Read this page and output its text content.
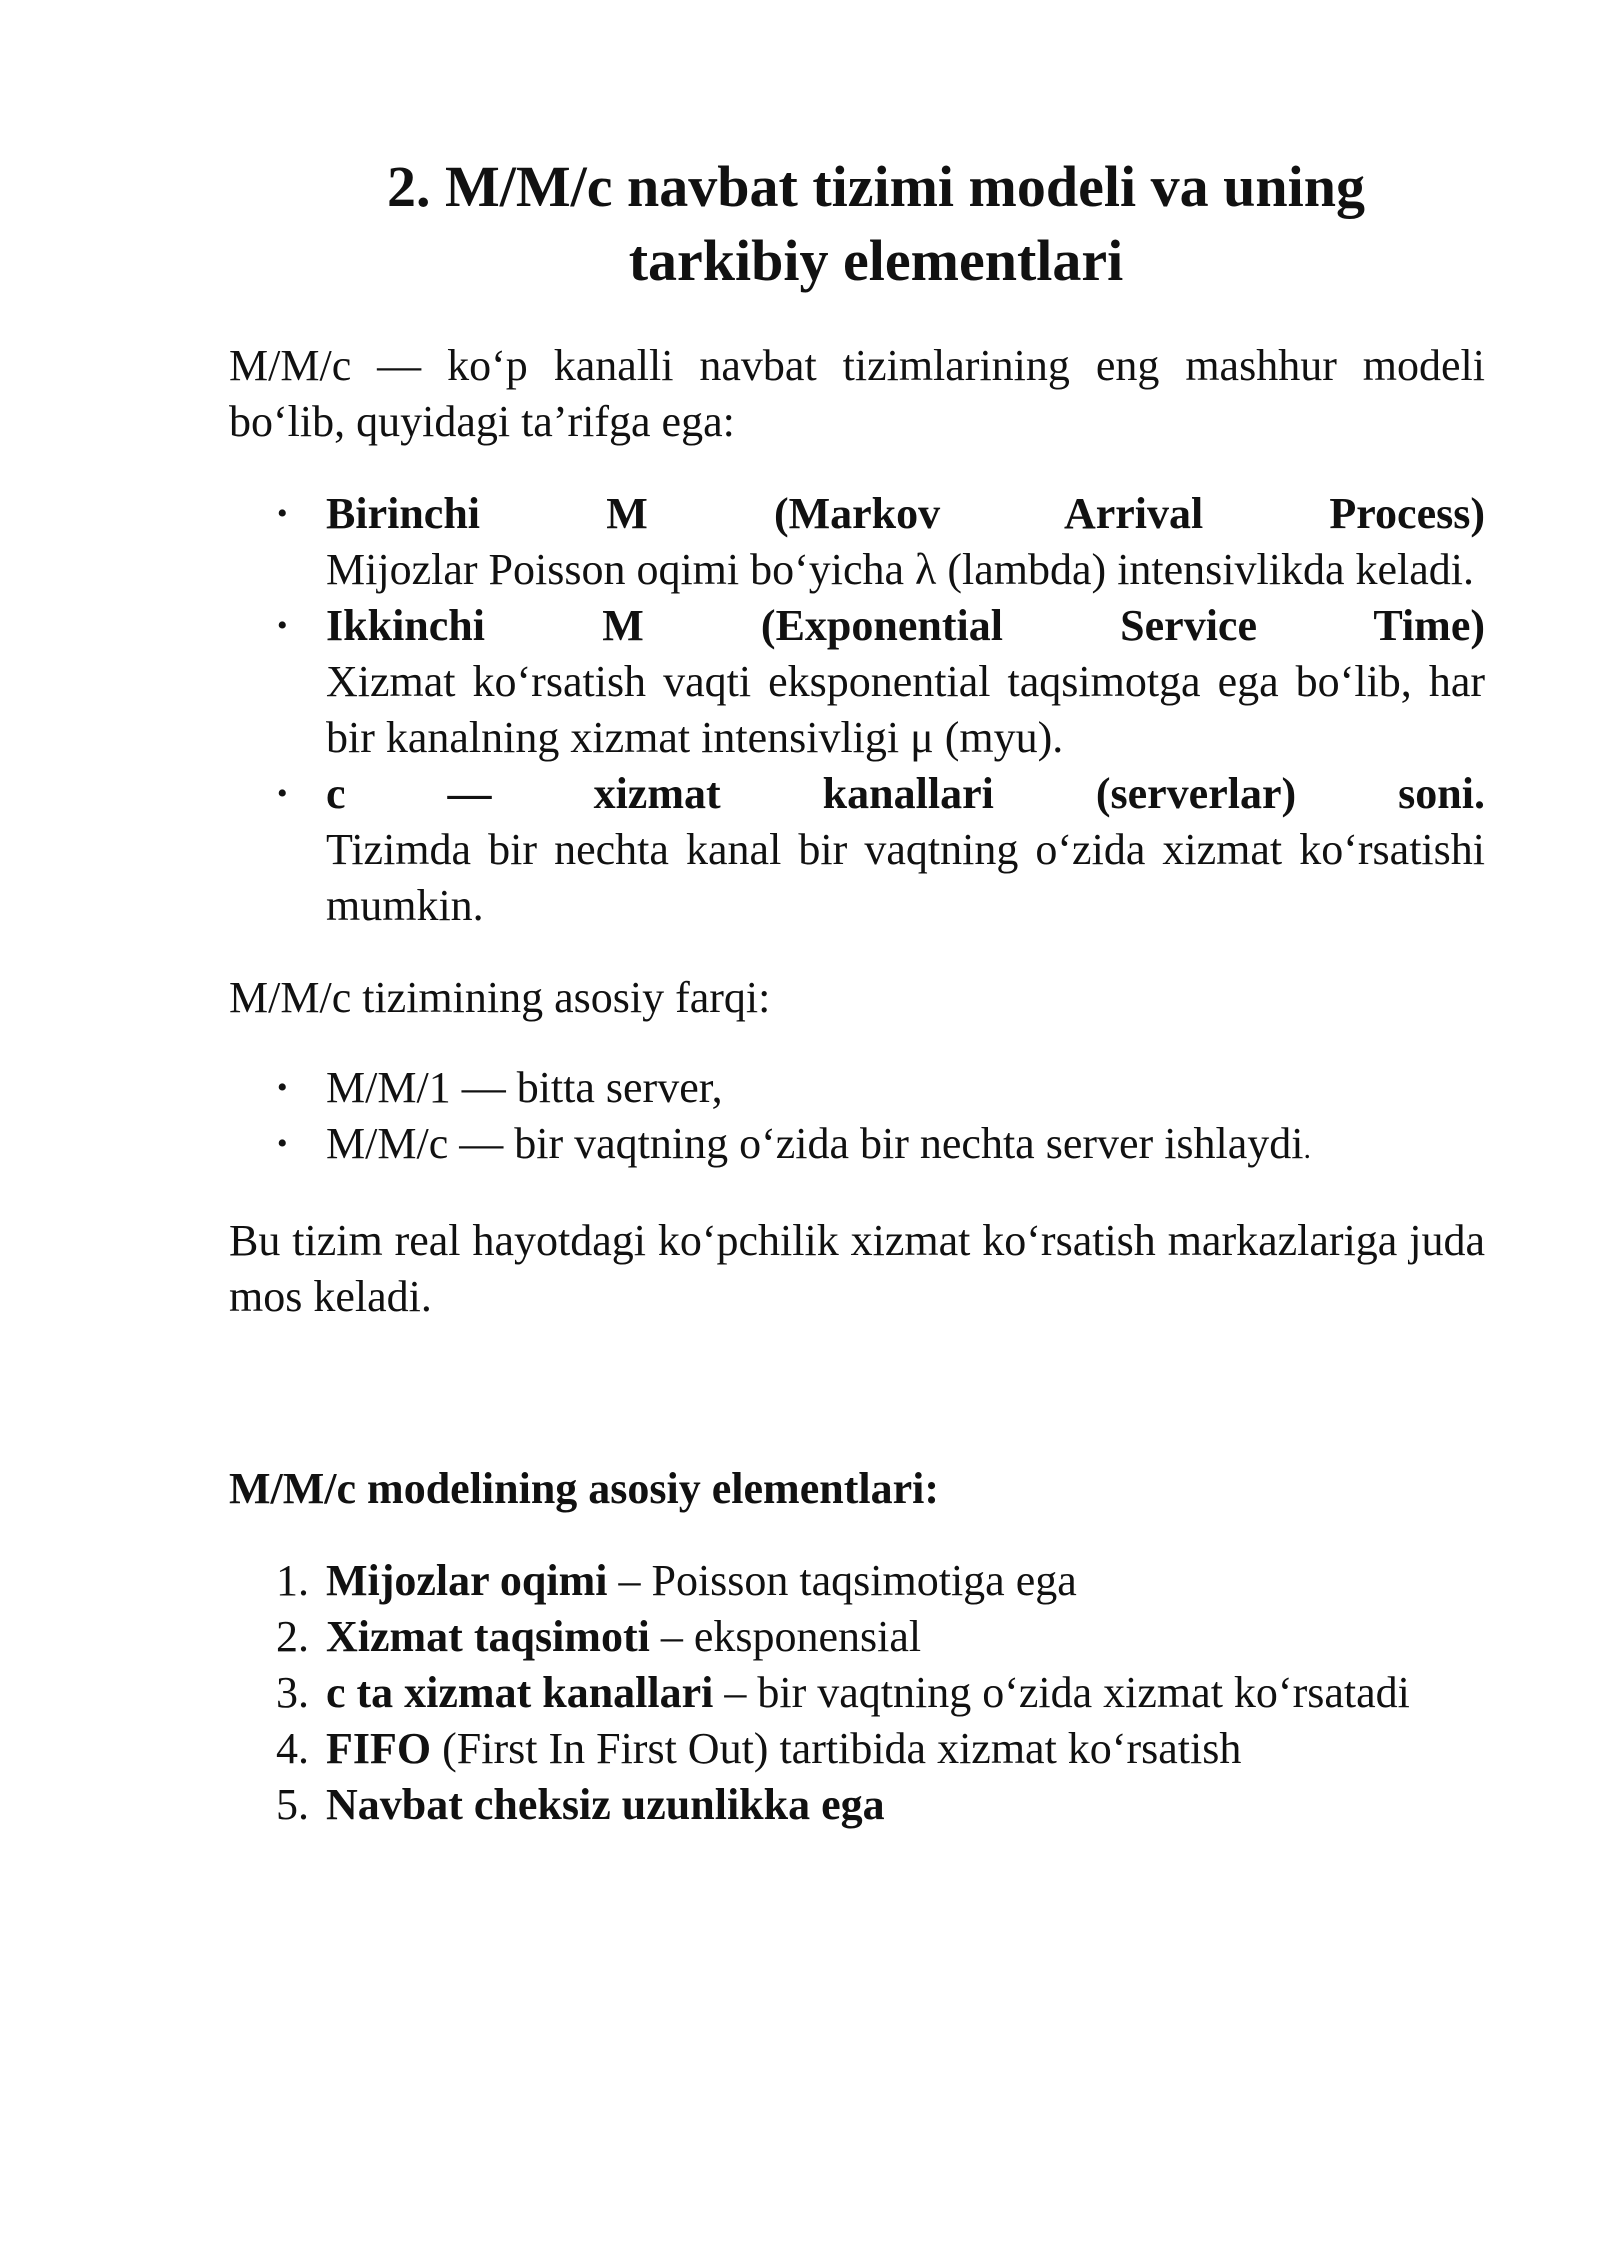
2. M/M/c navbat tizimi modeli va uning
tarkibiy elementlari

M/M/c — ko‘p kanalli navbat tizimlarining eng mashhur modeli bo‘lib, quyidagi ta’rifga ega:

• Birinchi M (Markov Arrival Process)
Mijozlar Poisson oqimi bo‘yicha λ (lambda) intensivlikda keladi.
• Ikkinchi M (Exponential Service Time)
Xizmat ko‘rsatish vaqti eksponential taqsimotga ega bo‘lib, har bir kanalning xizmat intensivligi μ (myu).
• c — xizmat kanallari (serverlar) soni.
Tizimda bir nechta kanal bir vaqtning o‘zida xizmat ko‘rsatishi mumkin.

M/M/c tizimining asosiy farqi:

• M/M/1 — bitta server,
• M/M/c — bir vaqtning o‘zida bir nechta server ishlaydi.

Bu tizim real hayotdagi ko‘pchilik xizmat ko‘rsatish markazlariga juda mos keladi.

M/M/c modelining asosiy elementlari:

1. Mijozlar oqimi – Poisson taqsimotiga ega
2. Xizmat taqsimoti – eksponensial
3. c ta xizmat kanallari – bir vaqtning o‘zida xizmat ko‘rsatadi
4. FIFO (First In First Out) tartibida xizmat ko‘rsatish
5. Navbat cheksiz uzunlikka ega
